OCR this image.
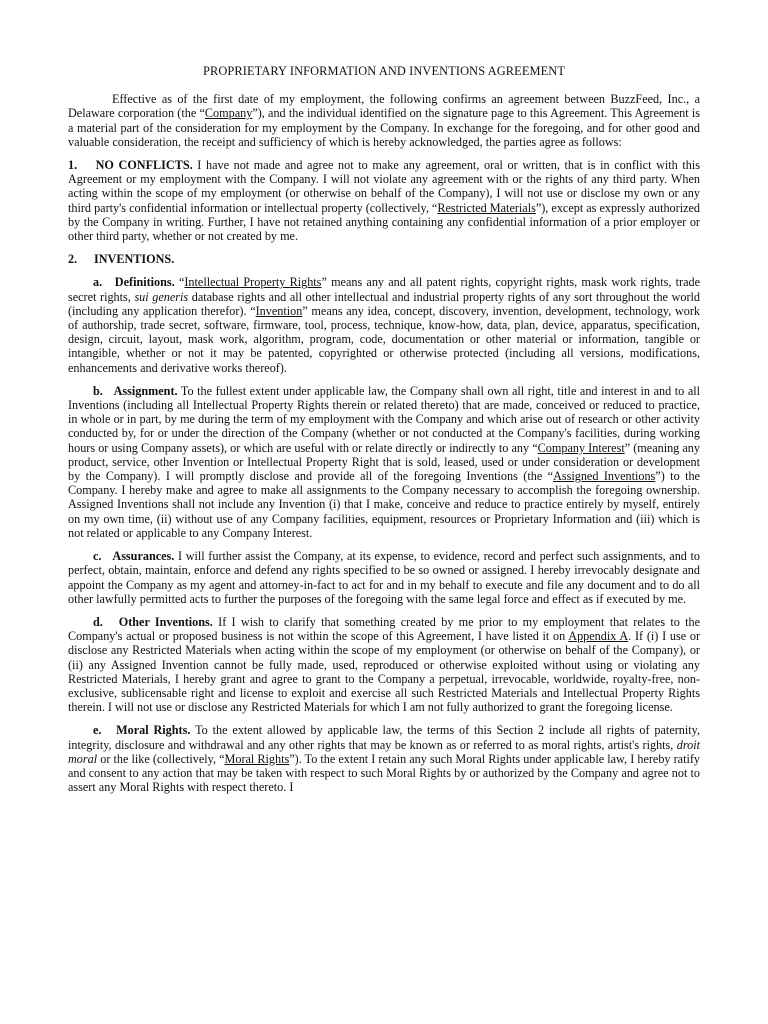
PROPRIETARY INFORMATION AND INVENTIONS AGREEMENT

Effective as of the first date of my employment, the following confirms an agreement between BuzzFeed, Inc., a Delaware corporation (the “Company”), and the individual identified on the signature page to this Agreement. This Agreement is a material part of the consideration for my employment by the Company. In exchange for the foregoing, and for other good and valuable consideration, the receipt and sufficiency of which is hereby acknowledged, the parties agree as follows:

1. NO CONFLICTS. I have not made and agree not to make any agreement, oral or written, that is in conflict with this Agreement or my employment with the Company. I will not violate any agreement with or the rights of any third party. When acting within the scope of my employment (or otherwise on behalf of the Company), I will not use or disclose my own or any third party's confidential information or intellectual property (collectively, “Restricted Materials”), except as expressly authorized by the Company in writing. Further, I have not retained anything containing any confidential information of a prior employer or other third party, whether or not created by me.

2. INVENTIONS.

a. Definitions. “Intellectual Property Rights” means any and all patent rights, copyright rights, mask work rights, trade secret rights, sui generis database rights and all other intellectual and industrial property rights of any sort throughout the world (including any application therefor). “Invention” means any idea, concept, discovery, invention, development, technology, work of authorship, trade secret, software, firmware, tool, process, technique, know-how, data, plan, device, apparatus, specification, design, circuit, layout, mask work, algorithm, program, code, documentation or other material or information, tangible or intangible, whether or not it may be patented, copyrighted or otherwise protected (including all versions, modifications, enhancements and derivative works thereof).

b. Assignment. To the fullest extent under applicable law, the Company shall own all right, title and interest in and to all Inventions (including all Intellectual Property Rights therein or related thereto) that are made, conceived or reduced to practice, in whole or in part, by me during the term of my employment with the Company and which arise out of research or other activity conducted by, for or under the direction of the Company (whether or not conducted at the Company's facilities, during working hours or using Company assets), or which are useful with or relate directly or indirectly to any “Company Interest” (meaning any product, service, other Invention or Intellectual Property Right that is sold, leased, used or under consideration or development by the Company). I will promptly disclose and provide all of the foregoing Inventions (the “Assigned Inventions”) to the Company. I hereby make and agree to make all assignments to the Company necessary to accomplish the foregoing ownership. Assigned Inventions shall not include any Invention (i) that I make, conceive and reduce to practice entirely by myself, entirely on my own time, (ii) without use of any Company facilities, equipment, resources or Proprietary Information and (iii) which is not related or applicable to any Company Interest.

c. Assurances. I will further assist the Company, at its expense, to evidence, record and perfect such assignments, and to perfect, obtain, maintain, enforce and defend any rights specified to be so owned or assigned. I hereby irrevocably designate and appoint the Company as my agent and attorney-in-fact to act for and in my behalf to execute and file any document and to do all other lawfully permitted acts to further the purposes of the foregoing with the same legal force and effect as if executed by me.

d. Other Inventions. If I wish to clarify that something created by me prior to my employment that relates to the Company's actual or proposed business is not within the scope of this Agreement, I have listed it on Appendix A. If (i) I use or disclose any Restricted Materials when acting within the scope of my employment (or otherwise on behalf of the Company), or (ii) any Assigned Invention cannot be fully made, used, reproduced or otherwise exploited without using or violating any Restricted Materials, I hereby grant and agree to grant to the Company a perpetual, irrevocable, worldwide, royalty-free, non-exclusive, sublicensable right and license to exploit and exercise all such Restricted Materials and Intellectual Property Rights therein. I will not use or disclose any Restricted Materials for which I am not fully authorized to grant the foregoing license.

e. Moral Rights. To the extent allowed by applicable law, the terms of this Section 2 include all rights of paternity, integrity, disclosure and withdrawal and any other rights that may be known as or referred to as moral rights, artist's rights, droit moral or the like (collectively, “Moral Rights”). To the extent I retain any such Moral Rights under applicable law, I hereby ratify and consent to any action that may be taken with respect to such Moral Rights by or authorized by the Company and agree not to assert any Moral Rights with respect thereto. I
